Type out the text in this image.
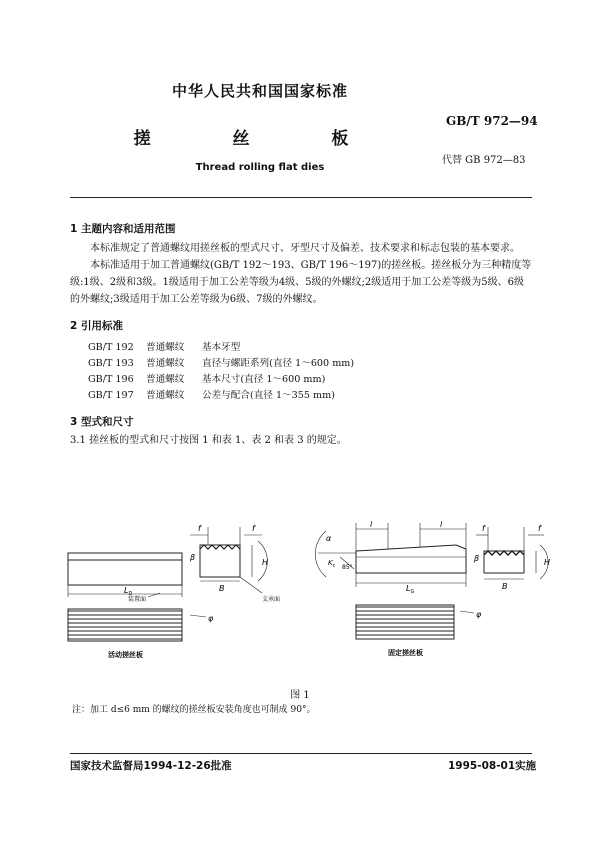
中华人民共和国国家标准
GB/T 972—94
搓 丝 板
代替 GB 972—83
Thread rolling flat dies
1 主题内容和适用范围
本标准规定了普通螺纹用搓丝板的型式尺寸、牙型尺寸及偏差、技术要求和标志包装的基本要求。
本标准适用于加工普通螺纹(GB/T 192～193、GB/T 196～197)的搓丝板。搓丝板分为三种精度等级:1级、2级和3级。1级适用于加工公差等级为4级、5级的外螺纹;2级适用于加工公差等级为5级、6级的外螺纹;3级适用于加工公差等级为6级、7级的外螺纹。
2 引用标准
GB/T 192 普通螺纹 基本牙型
GB/T 193 普通螺纹 直径与螺距系列(直径 1～600 mm)
GB/T 196 普通螺纹 基本尺寸(直径 1～600 mm)
GB/T 197 普通螺纹 公差与配合(直径 1～355 mm)
3 型式和尺寸
3.1 搓丝板的型式和尺寸按图 1 和表 1、表 2 和表 3 的规定。
$L_D$
B
H
β
f	f
φ
装置面	支承面
活动搓丝板
l	l
$K_c$
α
85°
$L_G$
β
f	f
H
B
φ
固定搓丝板
图 1
注：加工 d≤6 mm 的螺纹的搓丝板安装角度也可制成 90°。
国家技术监督局1994-12-26批准	1995-08-01实施
